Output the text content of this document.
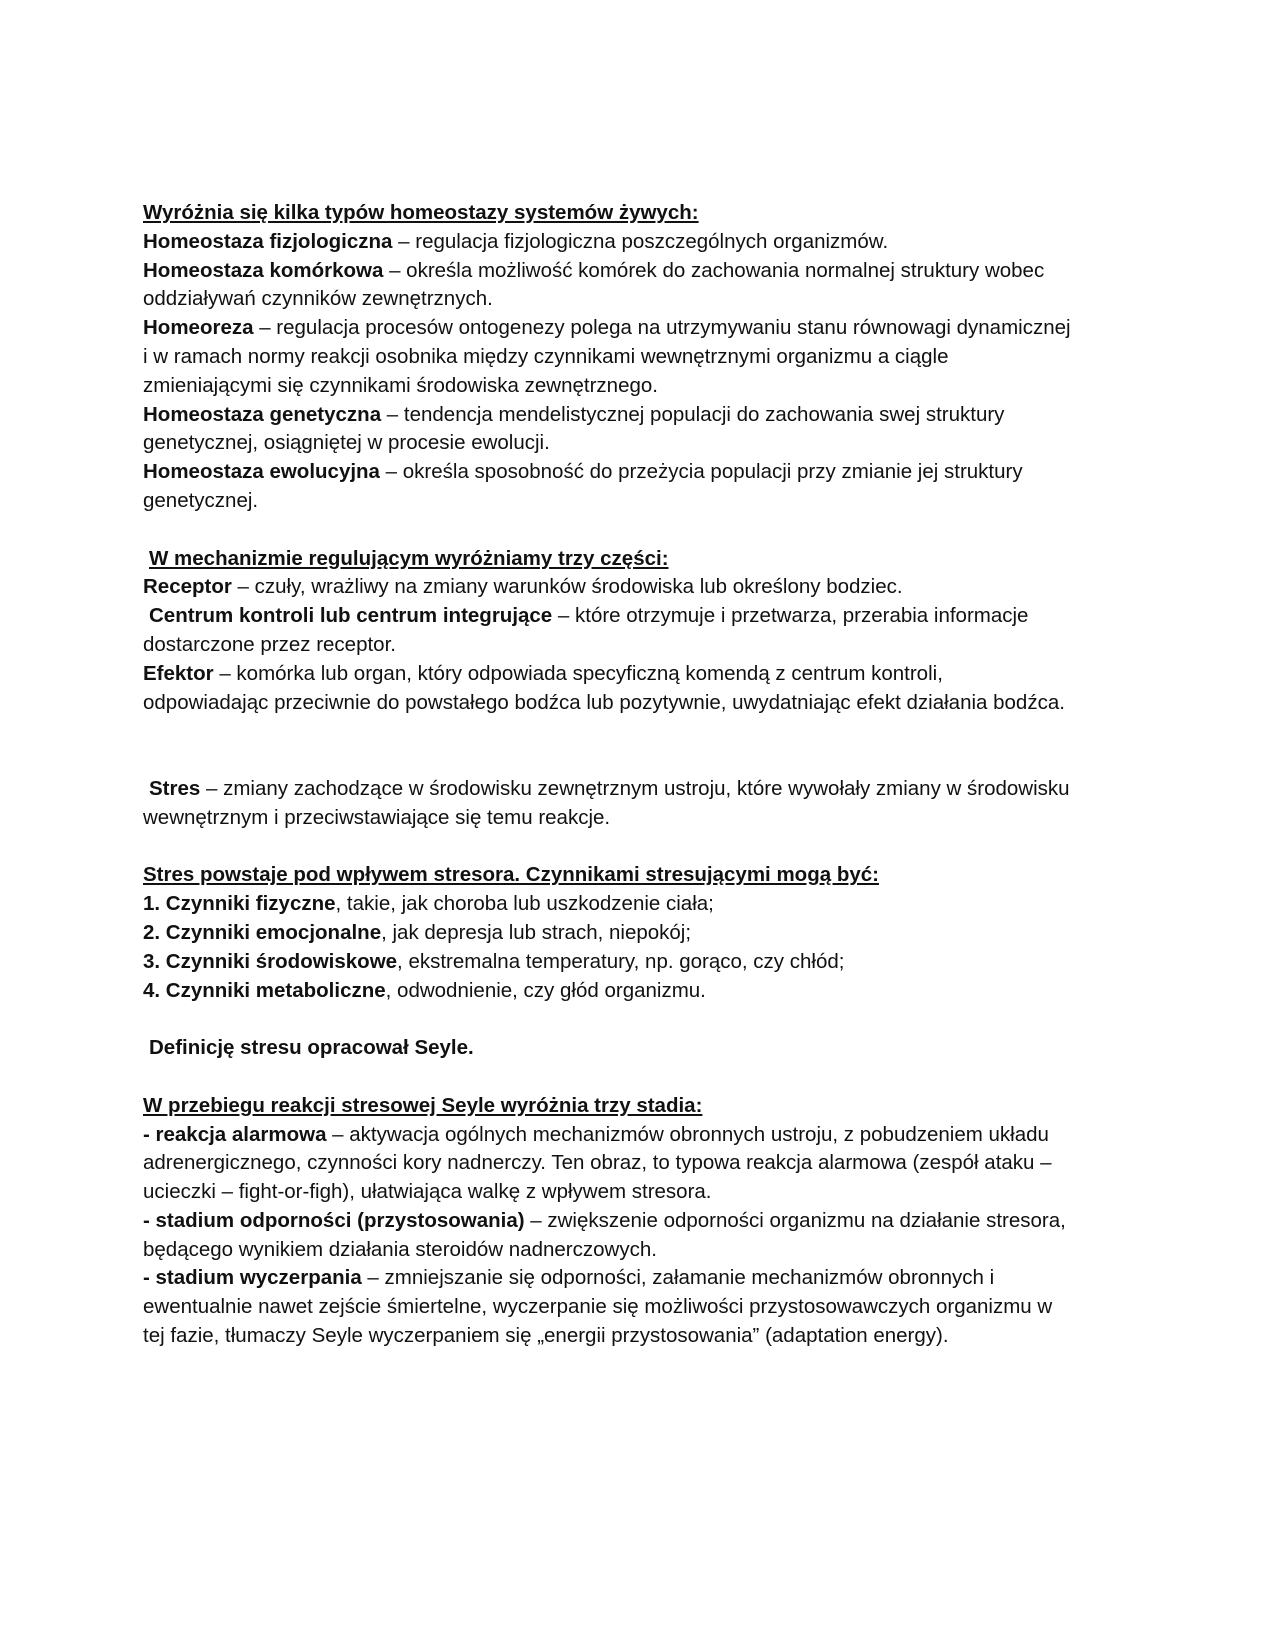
Wyróżnia się kilka typów homeostazy systemów żywych:

Homeostaza fizjologiczna – regulacja fizjologiczna poszczególnych organizmów.

Homeostaza komórkowa – określa możliwość komórek do zachowania normalnej struktury wobec oddziaływań czynników zewnętrznych.

Homeoreza – regulacja procesów ontogenezy polega na utrzymywaniu stanu równowagi dynamicznej i w ramach normy reakcji osobnika między czynnikami wewnętrznymi organizmu a ciągle zmieniającymi się czynnikami środowiska zewnętrznego.

Homeostaza genetyczna – tendencja mendelistycznej populacji do zachowania swej struktury genetycznej, osiągniętej w procesie ewolucji.

Homeostaza ewolucyjna – określa sposobność do przeżycia populacji przy zmianie jej struktury genetycznej.

W mechanizmie regulującym wyróżniamy trzy części:

Receptor – czuły, wrażliwy na zmiany warunków środowiska lub określony bodziec.

Centrum kontroli lub centrum integrujące – które otrzymuje i przetwarza, przerabia informacje dostarczone przez receptor.

Efektor – komórka lub organ, który odpowiada specyficzną komendą z centrum kontroli, odpowiadając przeciwnie do powstałego bodźca lub pozytywnie, uwydatniając efekt działania bodźca.

Stres – zmiany zachodzące w środowisku zewnętrznym ustroju, które wywołały zmiany w środowisku wewnętrznym i przeciwstawiające się temu reakcje.

Stres powstaje pod wpływem stresora. Czynnikami stresującymi mogą być:

1. Czynniki fizyczne, takie, jak choroba lub uszkodzenie ciała;

2. Czynniki emocjonalne, jak depresja lub strach, niepokój;

3. Czynniki środowiskowe, ekstremalna temperatury, np. gorąco, czy chłód;

4. Czynniki metaboliczne, odwodnienie, czy głód organizmu.

Definicję stresu opracował Seyle.

W przebiegu reakcji stresowej Seyle wyróżnia trzy stadia:

- reakcja alarmowa – aktywacja ogólnych mechanizmów obronnych ustroju, z pobudzeniem układu adrenergicznego, czynności kory nadnerczy. Ten obraz, to typowa reakcja alarmowa (zespół ataku – ucieczki – fight-or-figh), ułatwiająca walkę z wpływem stresora.

- stadium odporności (przystosowania) – zwiększenie odporności organizmu na działanie stresora, będącego wynikiem działania steroidów nadnerczowych.

- stadium wyczerpania – zmniejszanie się odporności, załamanie mechanizmów obronnych i ewentualnie nawet zejście śmiertelne, wyczerpanie się możliwości przystosowawczych organizmu w tej fazie, tłumaczy Seyle wyczerpaniem się „energii przystosowania” (adaptation energy).
